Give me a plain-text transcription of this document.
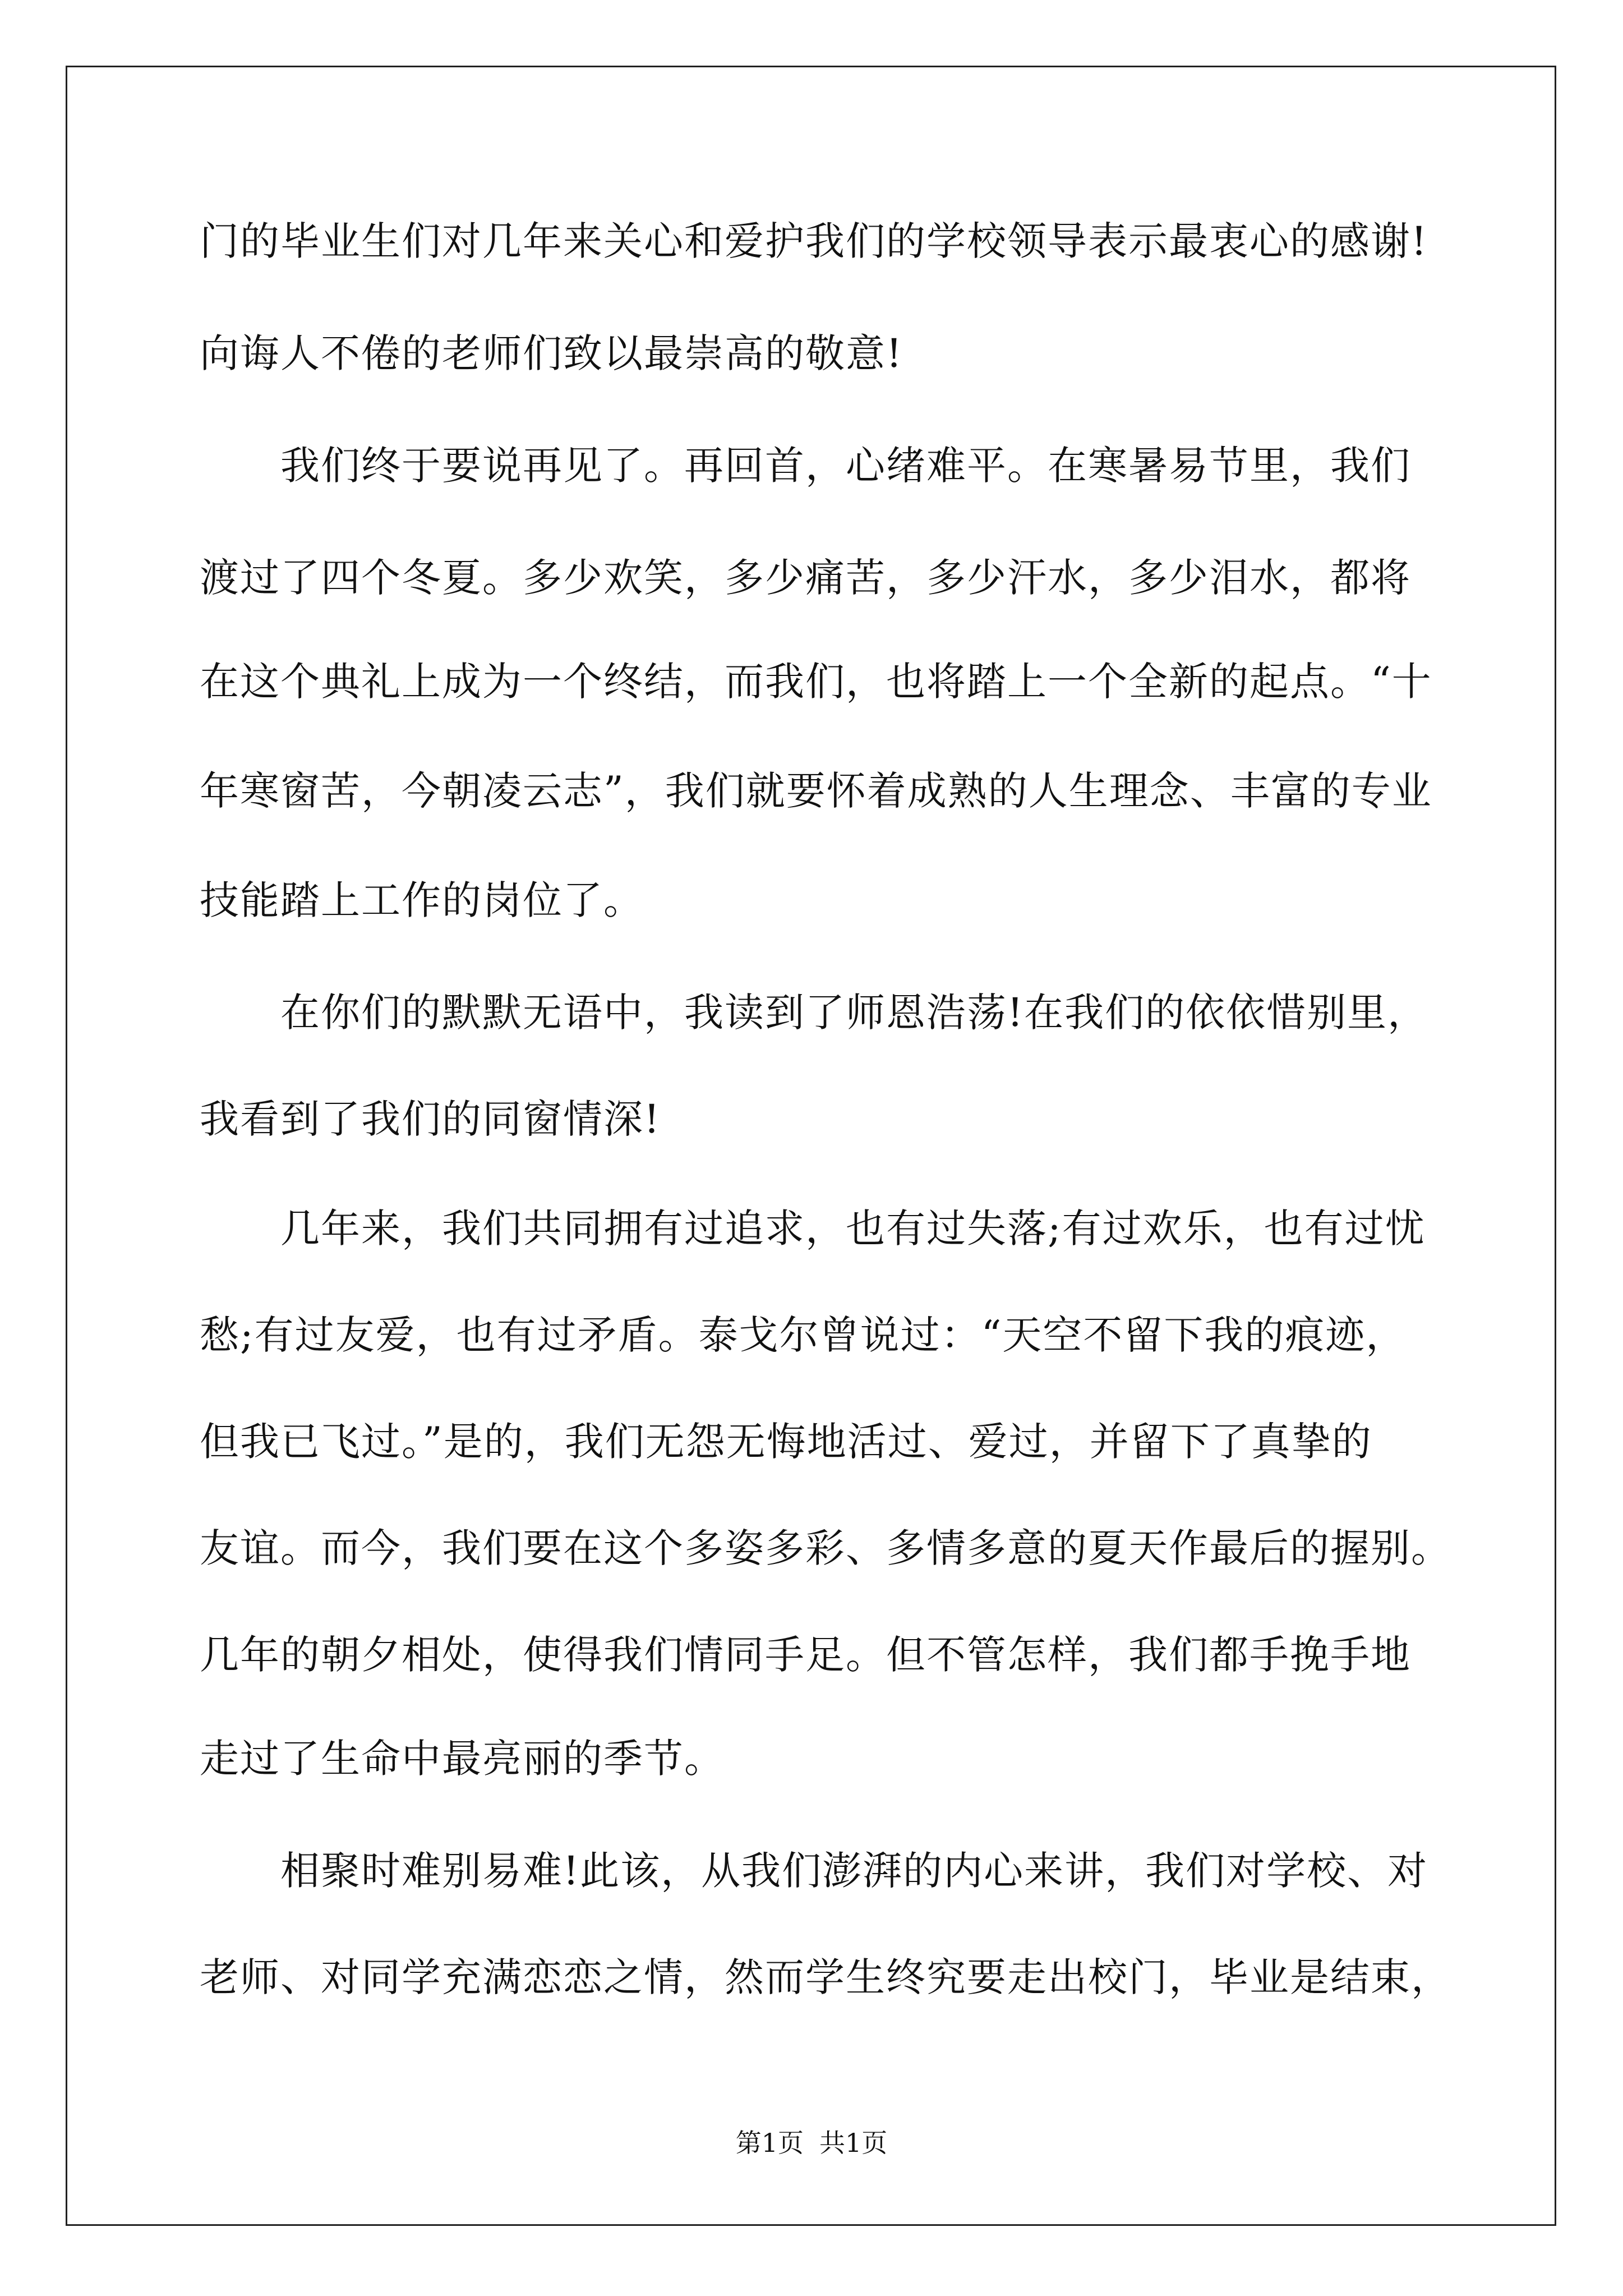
门的毕业生们对几年来关心和爱护我们的学校领导表示最衷心的感谢!
向诲人不倦的老师们致以最崇高的敬意!
　　我们终于要说再见了。再回首，心绪难平。在寒暑易节里，我们
渡过了四个冬夏。多少欢笑，多少痛苦，多少汗水，多少泪水，都将
在这个典礼上成为一个终结，而我们，也将踏上一个全新的起点。“十
年寒窗苦，今朝凌云志”，我们就要怀着成熟的人生理念、丰富的专业
技能踏上工作的岗位了。
　　在你们的默默无语中，我读到了师恩浩荡!在我们的依依惜别里，
我看到了我们的同窗情深!
　　几年来，我们共同拥有过追求，也有过失落;有过欢乐，也有过忧
愁;有过友爱，也有过矛盾。泰戈尔曾说过：“天空不留下我的痕迹，
但我已飞过。”是的，我们无怨无悔地活过、爱过，并留下了真挚的
友谊。而今，我们要在这个多姿多彩、多情多意的夏天作最后的握别。
几年的朝夕相处，使得我们情同手足。但不管怎样，我们都手挽手地
走过了生命中最亮丽的季节。
　　相聚时难别易难!此该，从我们澎湃的内心来讲，我们对学校、对
老师、对同学充满恋恋之情，然而学生终究要走出校门，毕业是结束，
第1页 共1页
